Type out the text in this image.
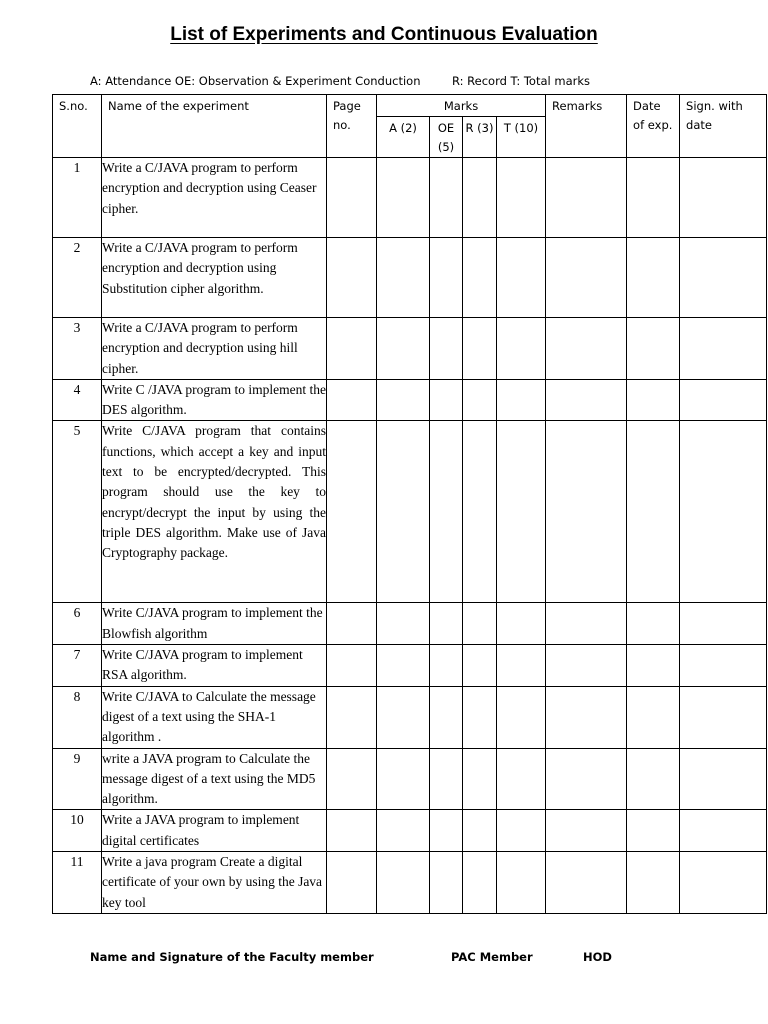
List of Experiments and Continuous Evaluation
A: Attendance OE: Observation & Experiment Conduction	R: Record T: Total marks
S.no.	Name of the experiment	Page no.	Marks				Remarks	Date of exp.	Sign. with date
			A (2)	OE (5)	R (3)	T (10)			
1	Write a C/JAVA program to perform encryption and decryption using Ceaser cipher.								
2	Write a C/JAVA program to perform encryption and decryption using Substitution cipher algorithm.								
3	Write a C/JAVA program to perform encryption and decryption using hill cipher.								
4	Write C /JAVA program to implement the DES algorithm.								
5	Write C/JAVA program that contains functions, which accept a key and input text to be encrypted/decrypted. This program should use the key to encrypt/decrypt the input by using the triple DES algorithm. Make use of Java Cryptography package.								
6	Write C/JAVA program to implement the Blowfish algorithm								
7	Write C/JAVA program to implement RSA algorithm.								
8	Write C/JAVA to Calculate the message digest of a text using the SHA-1 algorithm .								
9	write a JAVA program to Calculate the message digest of a text using the MD5 algorithm.								
10	Write a JAVA program to implement digital certificates								
11	Write a java program Create a digital certificate of your own by using the Java key tool								
Name and Signature of the Faculty member	PAC Member	HOD
